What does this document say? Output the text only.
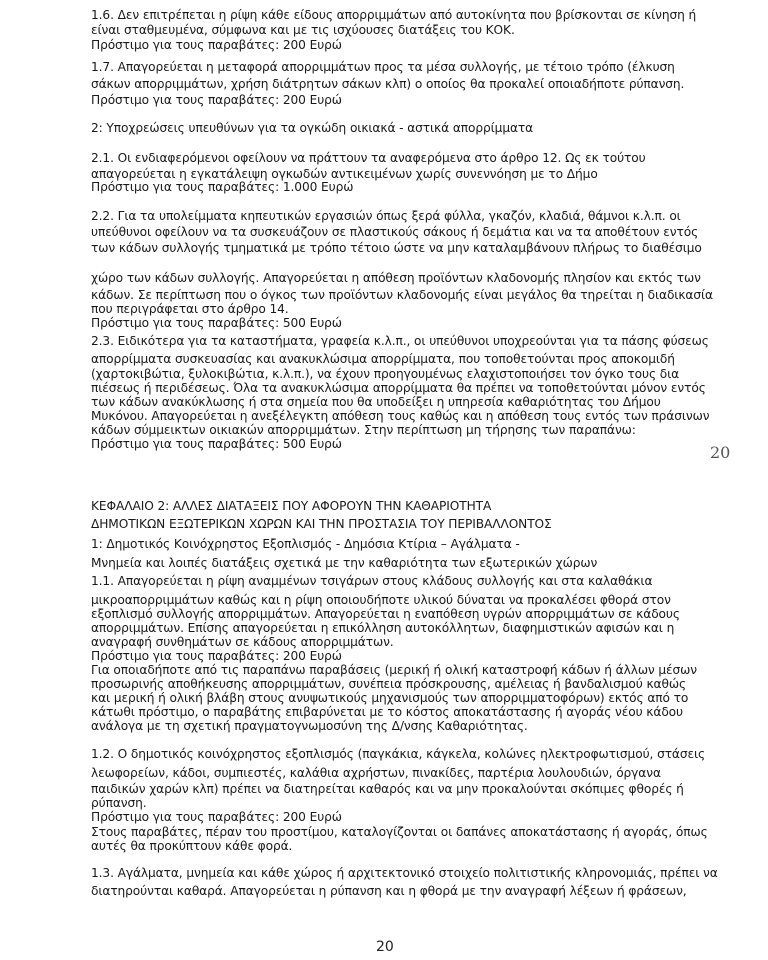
1.6. Δεν επιτρέπεται η ρίψη κάθε είδους απορριμμάτων από αυτοκίνητα που βρίσκονται σε κίνηση ή

είναι σταθμευμένα, σύμφωνα και με τις ισχύουσες διατάξεις του ΚΟΚ.

Πρόστιμο για τους παραβάτες: 200 Ευρώ

1.7. Απαγορεύεται η μεταφορά απορριμμάτων προς τα μέσα συλλογής, με τέτοιο τρόπο (έλκυση

σάκων απορριμμάτων, χρήση διάτρητων σάκων κλπ) ο οποίος θα προκαλεί οποιαδήποτε ρύπανση.

Πρόστιμο για τους παραβάτες: 200 Ευρώ

2: Υποχρεώσεις υπευθύνων για τα ογκώδη οικιακά - αστικά απορρίμματα

2.1. Οι ενδιαφερόμενοι οφείλουν να πράττουν τα αναφερόμενα στο άρθρο 12. Ως εκ τούτου

απαγορεύεται η εγκατάλειψη ογκωδών αντικειμένων χωρίς συνεννόηση με το Δήμο

Πρόστιμο για τους παραβάτες: 1.000 Ευρώ

2.2. Για τα υπολείμματα κηπευτικών εργασιών όπως ξερά φύλλα, γκαζόν, κλαδιά, θάμνοι κ.λ.π. οι

υπεύθυνοι οφείλουν να τα συσκευάζουν σε πλαστικούς σάκους ή δεμάτια και να τα αποθέτουν εντός

των κάδων συλλογής τμηματικά με τρόπο τέτοιο ώστε να μην καταλαμβάνουν πλήρως το διαθέσιμο

χώρο των κάδων συλλογής. Απαγορεύεται η απόθεση προϊόντων κλαδονομής πλησίον και εκτός των

κάδων. Σε περίπτωση που ο όγκος των προϊόντων κλαδονομής είναι μεγάλος θα τηρείται η διαδικασία

που περιγράφεται στο άρθρο 14.

Πρόστιμο για τους παραβάτες: 500 Ευρώ

2.3. Ειδικότερα για τα καταστήματα, γραφεία κ.λ.π., οι υπεύθυνοι υποχρεούνται για τα πάσης φύσεως

απορρίμματα συσκευασίας και ανακυκλώσιμα απορρίμματα, που τοποθετούνται προς αποκομιδή

(χαρτοκιβώτια, ξυλοκιβώτια, κ.λ.π.), να έχουν προηγουμένως ελαχιστοποιήσει τον όγκο τους δια

πιέσεως ή περιδέσεως. Όλα τα ανακυκλώσιμα απορρίμματα θα πρέπει να τοποθετούνται μόνον εντός

των κάδων ανακύκλωσης ή στα σημεία που θα υποδείξει η υπηρεσία καθαριότητας του Δήμου

Μυκόνου. Απαγορεύεται η ανεξέλεγκτη απόθεση τους καθώς και η απόθεση τους εντός των πράσινων

κάδων σύμμεικτων οικιακών απορριμμάτων. Στην περίπτωση μη τήρησης των παραπάνω:

Πρόστιμο για τους παραβάτες: 500 Ευρώ	20

ΚΕΦΑΛΑΙΟ 2: ΑΛΛΕΣ ΔΙΑΤΑΞΕΙΣ ΠΟΥ ΑΦΟΡΟΥΝ ΤΗΝ ΚΑΘΑΡΙΟΤΗΤΑ

ΔΗΜΟΤΙΚΩΝ ΕΞΩΤΕΡΙΚΩΝ ΧΩΡΩΝ ΚΑΙ ΤΗΝ ΠΡΟΣΤΑΣΙΑ ΤΟΥ ΠΕΡΙΒΑΛΛΟΝΤΟΣ

1: Δημοτικός Κοινόχρηστος Εξοπλισμός - Δημόσια Κτίρια – Αγάλματα -

Μνημεία και λοιπές διατάξεις σχετικά με την καθαριότητα των εξωτερικών χώρων

1.1. Απαγορεύεται η ρίψη αναμμένων τσιγάρων στους κλάδους συλλογής και στα καλαθάκια

μικροαπορριμμάτων καθώς και η ρίψη οποιουδήποτε υλικού δύναται να προκαλέσει φθορά στον

εξοπλισμό συλλογής απορριμμάτων. Απαγορεύεται η εναπόθεση υγρών απορριμμάτων σε κάδους

απορριμμάτων. Επίσης απαγορεύεται η επικόλληση αυτοκόλλητων, διαφημιστικών αφισών και η

αναγραφή συνθημάτων σε κάδους απορριμμάτων.

Πρόστιμο για τους παραβάτες: 200 Ευρώ

Για οποιαδήποτε από τις παραπάνω παραβάσεις (μερική ή ολική καταστροφή κάδων ή άλλων μέσων

προσωρινής αποθήκευσης απορριμμάτων, συνέπεια πρόσκρουσης, αμέλειας ή βανδαλισμού καθώς

και μερική ή ολική βλάβη στους ανυψωτικούς μηχανισμούς των απορριμματοφόρων) εκτός από το

κάτωθι πρόστιμο, ο παραβάτης επιβαρύνεται με το κόστος αποκατάστασης ή αγοράς νέου κάδου

ανάλογα με τη σχετική πραγματογνωμοσύνη της Δ/νσης Καθαριότητας.

1.2. Ο δημοτικός κοινόχρηστος εξοπλισμός (παγκάκια, κάγκελα, κολώνες ηλεκτροφωτισμού, στάσεις

λεωφορείων, κάδοι, συμπιεστές, καλάθια αχρήστων, πινακίδες, παρτέρια λουλουδιών, όργανα

παιδικών χαρών κλπ) πρέπει να διατηρείται καθαρός και να μην προκαλούνται σκόπιμες φθορές ή

ρύπανση.

Πρόστιμο για τους παραβάτες: 200 Ευρώ

Στους παραβάτες, πέραν του προστίμου, καταλογίζονται οι δαπάνες αποκατάστασης ή αγοράς, όπως

αυτές θα προκύπτουν κάθε φορά.

1.3. Αγάλματα, μνημεία και κάθε χώρος ή αρχιτεκτονικό στοιχείο πολιτιστικής κληρονομιάς, πρέπει να

διατηρούνται καθαρά. Απαγορεύεται η ρύπανση και η φθορά με την αναγραφή λέξεων ή φράσεων,

20
